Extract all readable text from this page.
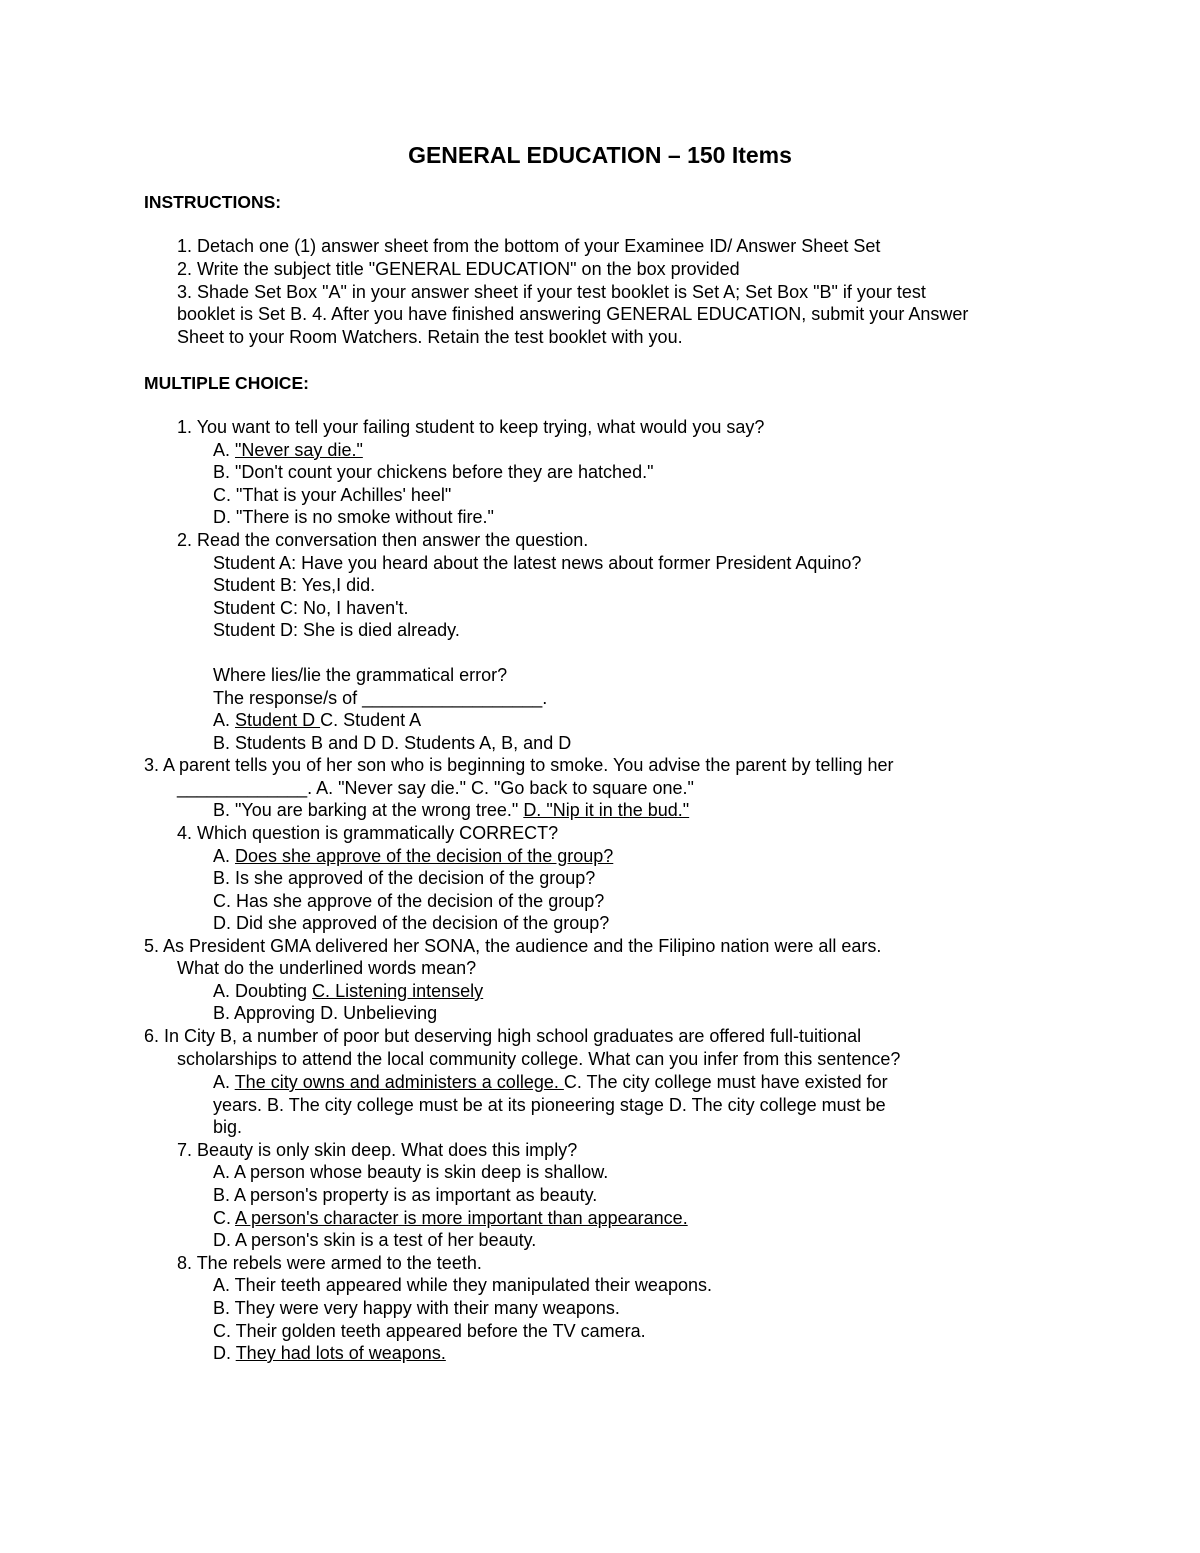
GENERAL EDUCATION – 150 Items
INSTRUCTIONS:
1. Detach one (1) answer sheet from the bottom of your Examinee ID/ Answer Sheet Set
2. Write the subject title "GENERAL EDUCATION" on the box provided
3. Shade Set Box "A" in your answer sheet if your test booklet is Set A; Set Box "B" if your test
booklet is Set B. 4. After you have finished answering GENERAL EDUCATION, submit your Answer
Sheet to your Room Watchers. Retain the test booklet with you.
MULTIPLE CHOICE:
1. You want to tell your failing student to keep trying, what would you say?
A. "Never say die."
B. "Don't count your chickens before they are hatched."
C. "That is your Achilles' heel"
D. "There is no smoke without fire."
2. Read the conversation then answer the question.
Student A: Have you heard about the latest news about former President Aquino?
Student B: Yes,I did.
Student C: No, I haven't.
Student D: She is died already.
Where lies/lie the grammatical error?
The response/s of __________________.
A. Student D C. Student A
B. Students B and D D. Students A, B, and D
3. A parent tells you of her son who is beginning to smoke. You advise the parent by telling her
_____________. A. "Never say die." C. "Go back to square one."
B. "You are barking at the wrong tree." D. "Nip it in the bud."
4. Which question is grammatically CORRECT?
A. Does she approve of the decision of the group?
B. Is she approved of the decision of the group?
C. Has she approve of the decision of the group?
D. Did she approved of the decision of the group?
5. As President GMA delivered her SONA, the audience and the Filipino nation were all ears.
What do the underlined words mean?
A. Doubting C. Listening intensely
B. Approving D. Unbelieving
6. In City B, a number of poor but deserving high school graduates are offered full-tuitional
scholarships to attend the local community college. What can you infer from this sentence?
A. The city owns and administers a college. C. The city college must have existed for
years. B. The city college must be at its pioneering stage D. The city college must be
big.
7. Beauty is only skin deep. What does this imply?
A. A person whose beauty is skin deep is shallow.
B. A person's property is as important as beauty.
C. A person's character is more important than appearance.
D. A person's skin is a test of her beauty.
8. The rebels were armed to the teeth.
A. Their teeth appeared while they manipulated their weapons.
B. They were very happy with their many weapons.
C. Their golden teeth appeared before the TV camera.
D. They had lots of weapons.
